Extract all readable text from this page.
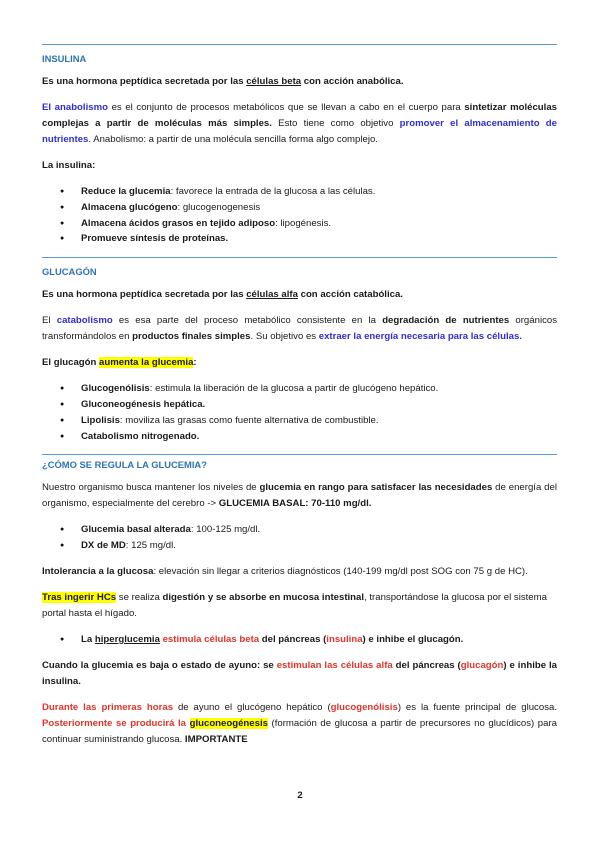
INSULINA

Es una hormona peptídica secretada por las células beta con acción anabólica.

El anabolismo es el conjunto de procesos metabólicos que se llevan a cabo en el cuerpo para sintetizar moléculas complejas a partir de moléculas más simples. Esto tiene como objetivo promover el almacenamiento de nutrientes. Anabolismo: a partir de una molécula sencilla forma algo complejo.

La insulina:

● Reduce la glucemia: favorece la entrada de la glucosa a las células.
● Almacena glucógeno: glucogenogenesis
● Almacena ácidos grasos en tejido adiposo: lipogénesis.
● Promueve síntesis de proteínas.
GLUCAGÓN

Es una hormona peptídica secretada por las células alfa con acción catabólica.

El catabolismo es esa parte del proceso metabólico consistente en la degradación de nutrientes orgánicos transformándolos en productos finales simples. Su objetivo es extraer la energía necesaria para las células.

El glucagón aumenta la glucemia:

● Glucogenólisis: estimula la liberación de la glucosa a partir de glucógeno hepático.
● Gluconeogénesis hepática.
● Lipolisis: moviliza las grasas como fuente alternativa de combustible.
● Catabolismo nitrogenado.
¿CÓMO SE REGULA LA GLUCEMIA?

Nuestro organismo busca mantener los niveles de glucemia en rango para satisfacer las necesidades de energía del organismo, especialmente del cerebro -> GLUCEMIA BASAL: 70-110 mg/dl.

● Glucemia basal alterada: 100-125 mg/dl.
● DX de MD: 125 mg/dl.

Intolerancia a la glucosa: elevación sin llegar a criterios diagnósticos (140-199 mg/dl post SOG con 75 g de HC).

Tras ingerir HCs se realiza digestión y se absorbe en mucosa intestinal, transportándose la glucosa por el sistema portal hasta el hígado.

● La hiperglucemia estimula células beta del páncreas (insulina) e inhibe el glucagón.

Cuando la glucemia es baja o estado de ayuno: se estimulan las células alfa del páncreas (glucagón) e inhibe la insulina.

Durante las primeras horas de ayuno el glucógeno hepático (glucogenólisis) es la fuente principal de glucosa. Posteriormente se producirá la gluconeogénesis (formación de glucosa a partir de precursores no glucídicos) para continuar suministrando glucosa. IMPORTANTE

2
